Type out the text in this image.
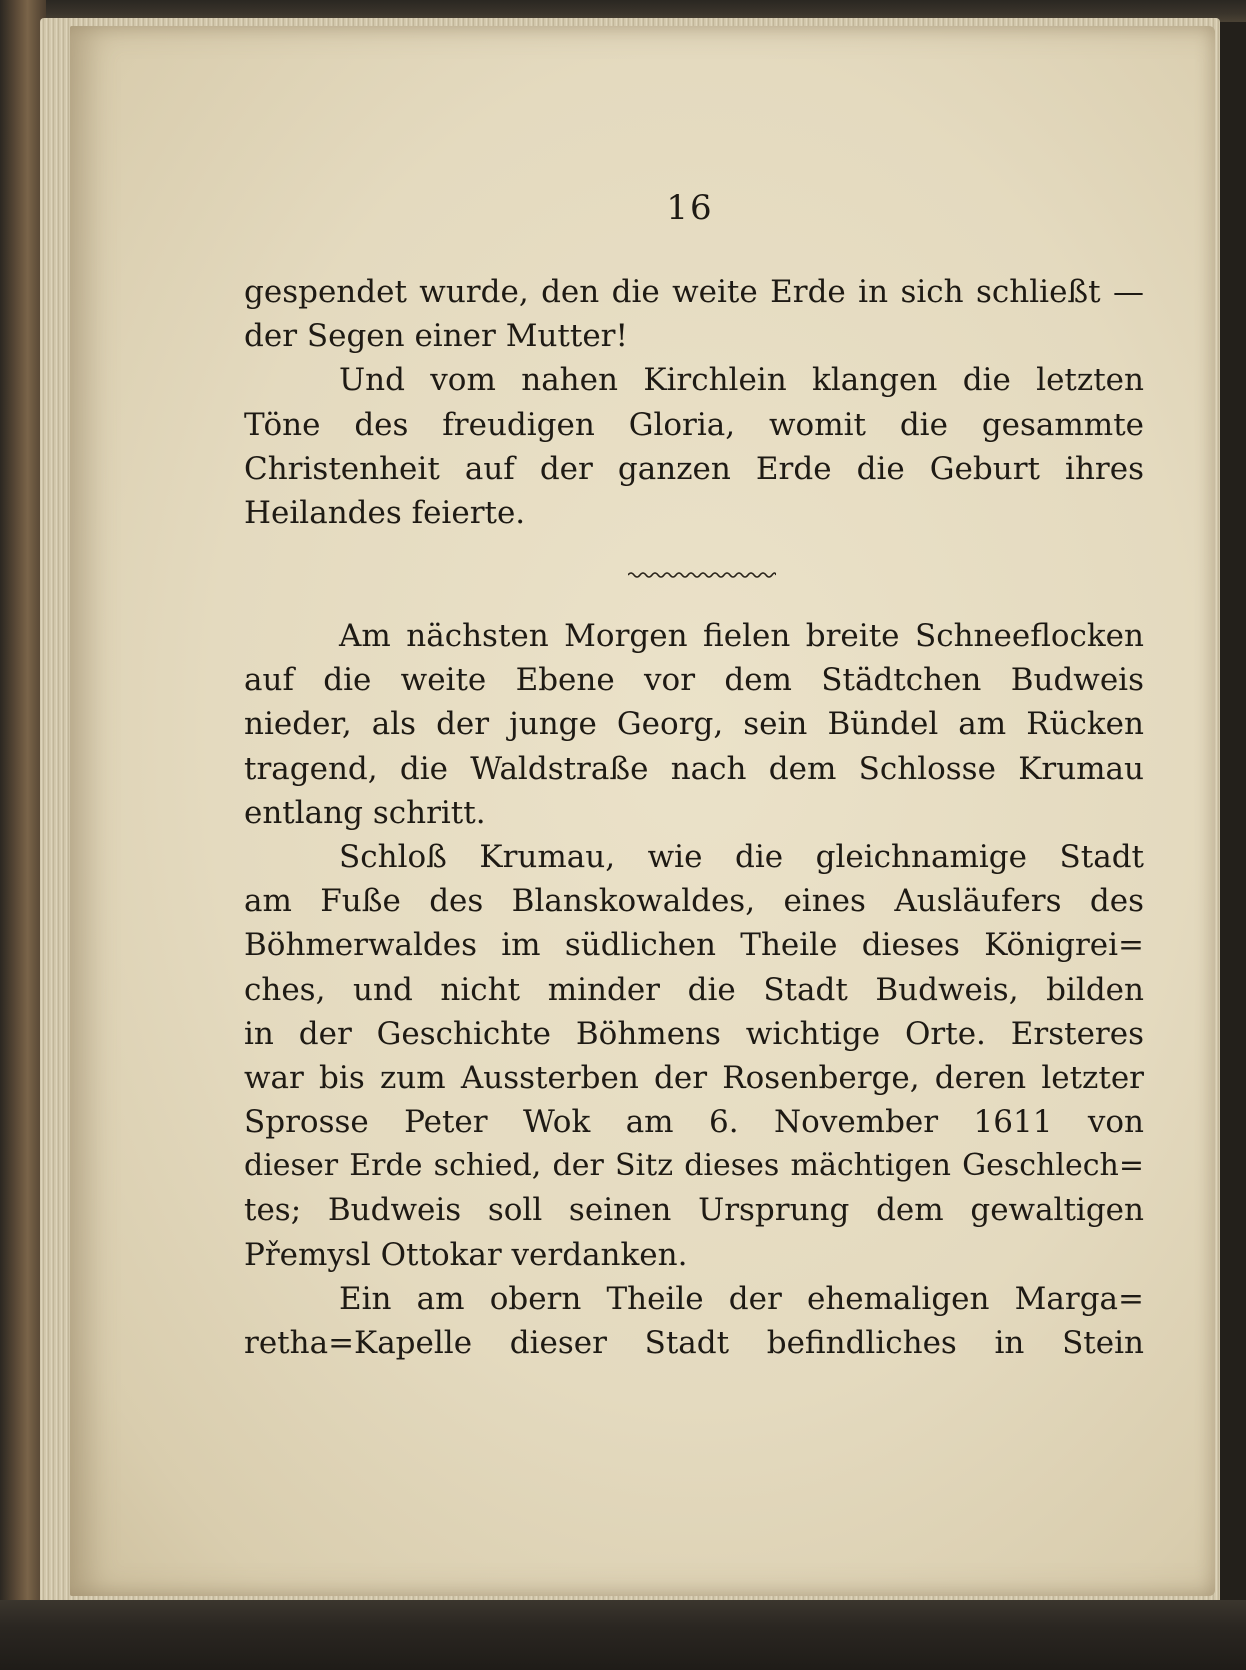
16
gespendet wurde, den die weite Erde in sich schließt —
der Segen einer Mutter!
Und vom nahen Kirchlein klangen die letzten
Töne des freudigen Gloria, womit die gesammte
Christenheit auf der ganzen Erde die Geburt ihres
Heilandes feierte.
Am nächsten Morgen fielen breite Schneeflocken
auf die weite Ebene vor dem Städtchen Budweis
nieder, als der junge Georg, sein Bündel am Rücken
tragend, die Waldstraße nach dem Schlosse Krumau
entlang schritt.
Schloß Krumau, wie die gleichnamige Stadt
am Fuße des Blanskowaldes, eines Ausläufers des
Böhmerwaldes im südlichen Theile dieses Königrei=
ches, und nicht minder die Stadt Budweis, bilden
in der Geschichte Böhmens wichtige Orte. Ersteres
war bis zum Aussterben der Rosenberge, deren letzter
Sprosse Peter Wok am 6. November 1611 von
dieser Erde schied, der Sitz dieses mächtigen Geschlech=
tes; Budweis soll seinen Ursprung dem gewaltigen
Přemysl Ottokar verdanken.
Ein am obern Theile der ehemaligen Marga=
retha=Kapelle dieser Stadt befindliches in Stein
